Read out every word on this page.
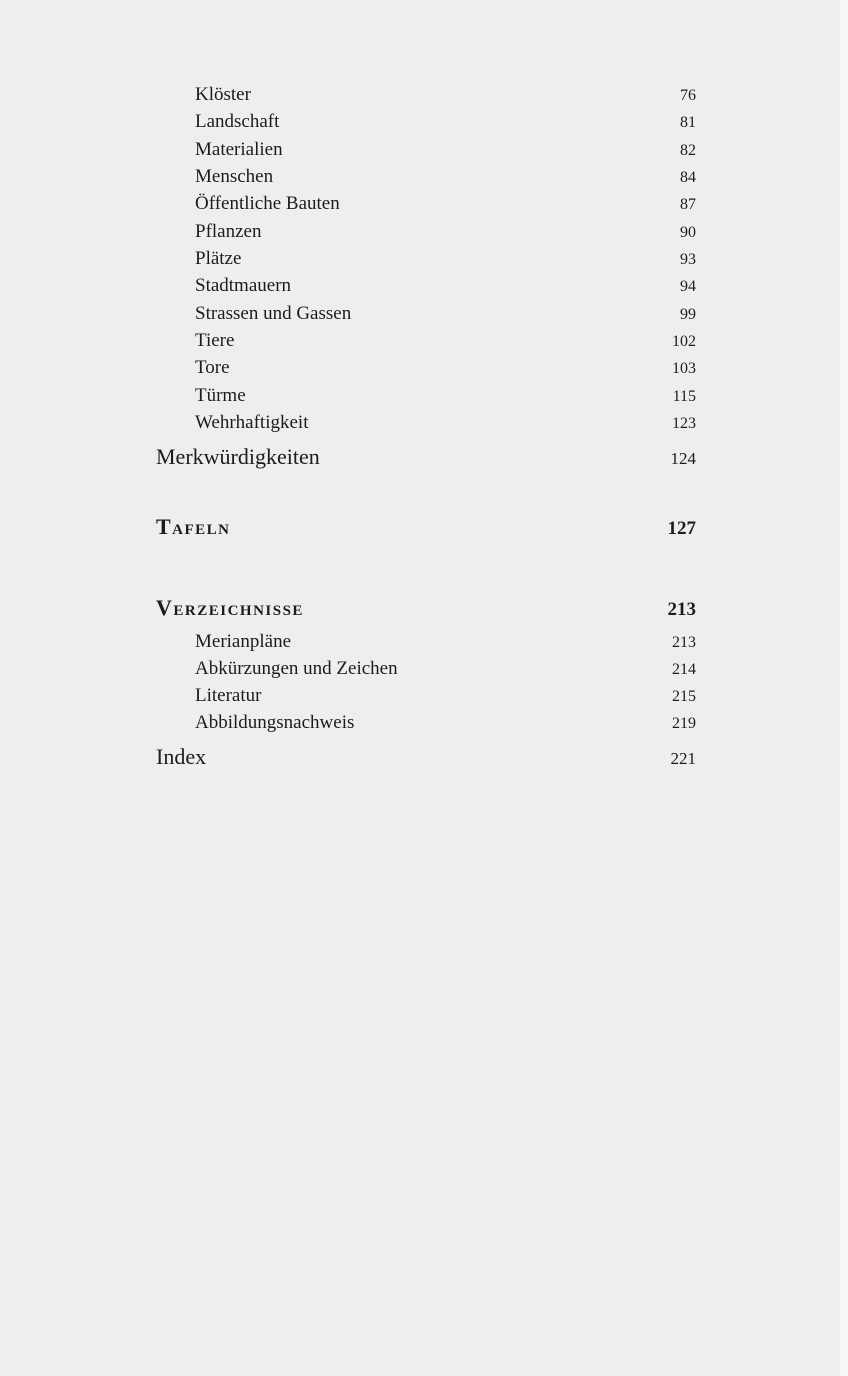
Klöster	76
Landschaft	81
Materialien	82
Menschen	84
Öffentliche Bauten	87
Pflanzen	90
Plätze	93
Stadtmauern	94
Strassen und Gassen	99
Tiere	102
Tore	103
Türme	115
Wehrhaftigkeit	123
Merkwürdigkeiten	124
Tafeln	127
Verzeichnisse	213
Merianpläne	213
Abkürzungen und Zeichen	214
Literatur	215
Abbildungsnachweis	219
Index	221
